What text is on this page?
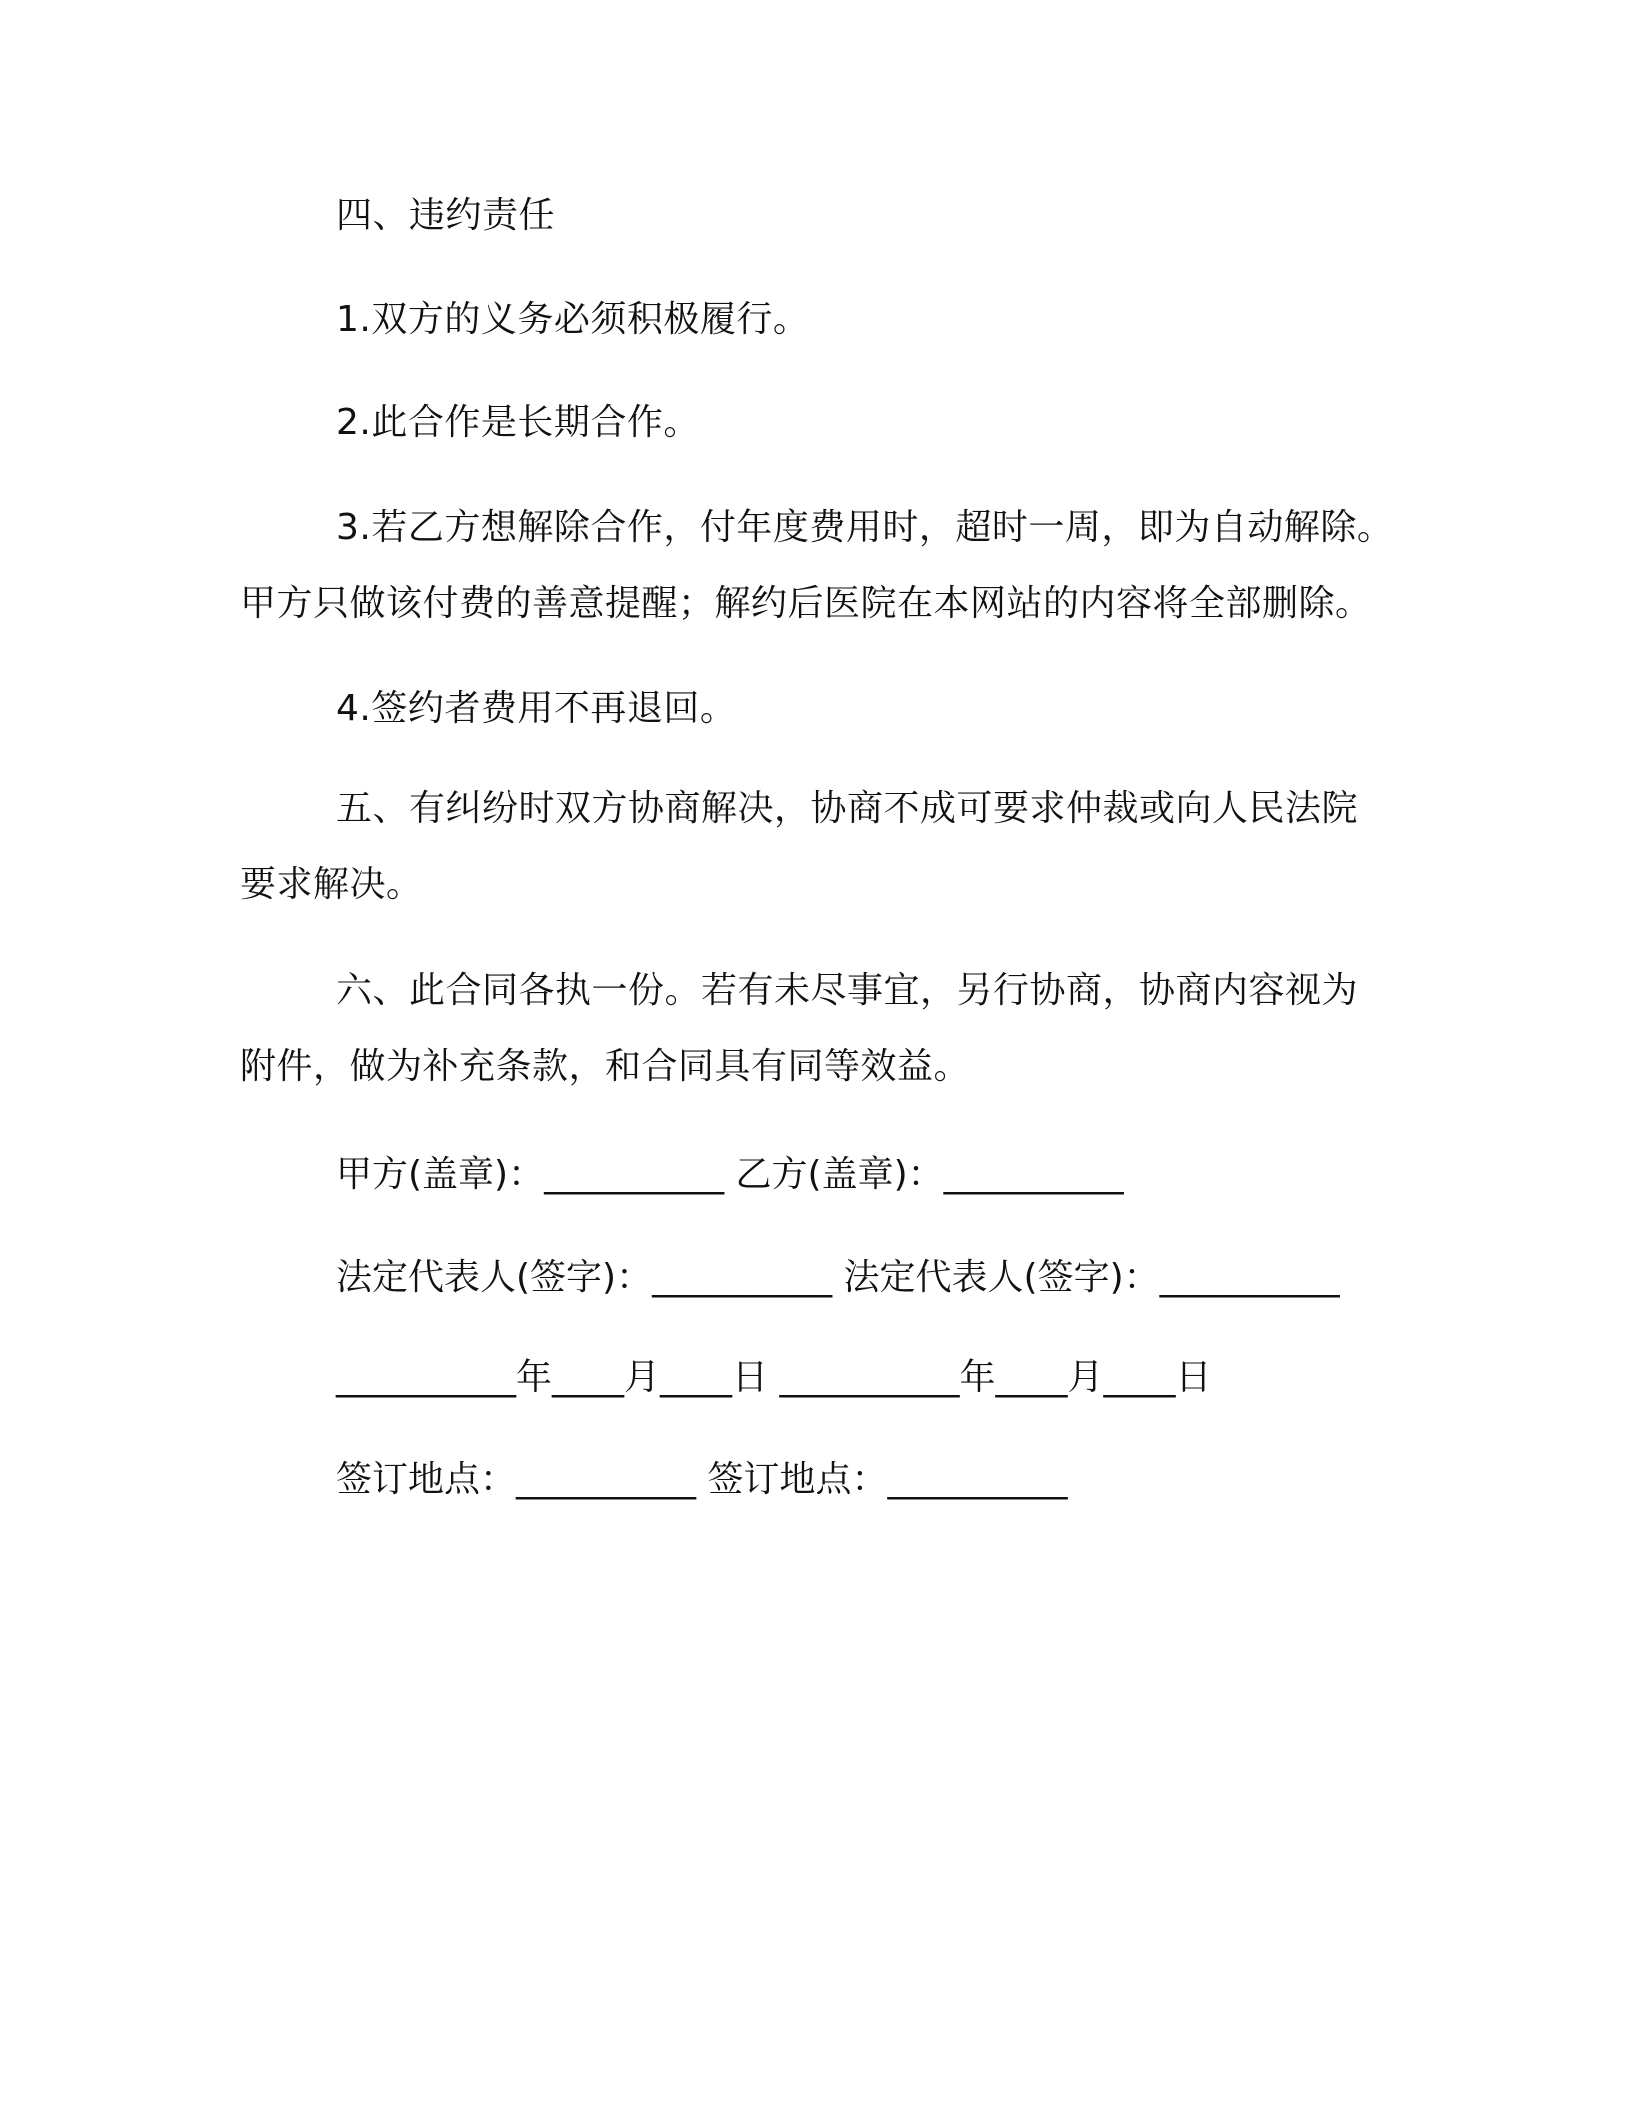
四、违约责任
1.双方的义务必须积极履行。
2.此合作是长期合作。
3.若乙方想解除合作，付年度费用时，超时一周，即为自动解除。
甲方只做该付费的善意提醒；解约后医院在本网站的内容将全部删除。
4.签约者费用不再退回。
五、有纠纷时双方协商解决，协商不成可要求仲裁或向人民法院
要求解决。
六、此合同各执一份。若有未尽事宜，另行协商，协商内容视为
附件，做为补充条款，和合同具有同等效益。
甲方(盖章)：__________ 乙方(盖章)：__________
法定代表人(签字)：__________ 法定代表人(签字)：__________
__________年____月____日 __________年____月____日
签订地点：__________ 签订地点：__________
